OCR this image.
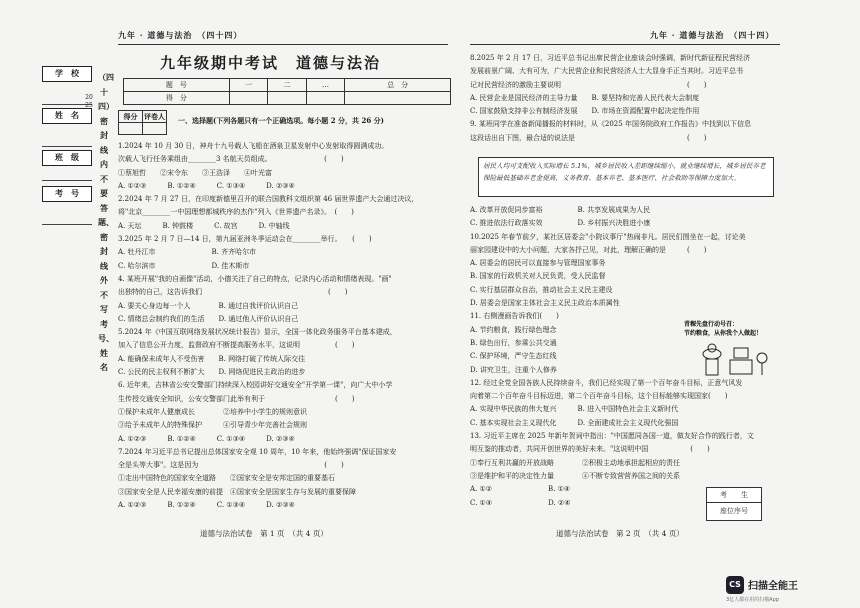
九年 · 道德与法治　（四十四）	九年 · 道德与法治　（四十四）
学　校
姓　名
班　级
考　号
2025
（四十四）密封线内不要答题、密封线外不写考号、姓名
九年级期中考试　道德与法治
题　号	一	二	…	总　分
得　分				
得分	评卷人
	一、选择题(下列各题只有一个正确选项。每小题 2 分，共 26 分)

1.2024 年 10 月 30 日，神舟十九号载人飞船在酒泉卫星发射中心发射取得圆满成功。

次载人飞行任务乘组由________3 名航天员组成。　　　　　　　　(　　)

①蔡旭哲　　②宋令东　　③王浩泽　　④叶光富

A. ①②③　　　B. ①②④　　　C. ①③④　　　D. ②③④

2.2024 年 7 月 27 日，在印度新德里召开的联合国教科文组织第 46 届世界遗产大会通过决议，

将"北京________一中国理想都城秩序的杰作"列入《世界遗产名录》。　(　　)

A. 天坛　　　B. 钟鼓楼　　　C. 故宫　　　D. 中轴线

3.2025 年 2 月 7 日—14 日，第九届亚洲冬季运动会在________举行。　　(　　)

A. 牡丹江市　　　　　　　　B. 齐齐哈尔市

C. 哈尔滨市　　　　　　　　D. 佳木斯市

4. 某班开展"我的自画像"活动，小德关注了自己的特点，记录内心活动和情绪表现。"画"

出独特的自己，这告诉我们　　　　　　　　　　　　　　　　　　(　　)

A. 要关心身边每一个人　　　　B. 通过自我评价认识自己

C. 情绪总会制约我们的生活　　D. 通过他人评价认识自己

5.2024 年《中国互联网络发展状况统计报告》显示，全国一体化政务服务平台基本建成，

加入了信息公开力度，监督政府不断提高服务水平，这说明　　　　　(　　)

A. 能确保未成年人不受伤害　　B. 网络打破了传统人际交往

C. 公民的民主权利不断扩大　　D. 网络促进民主政治的进步

6. 近年来，吉林省公安交警部门持续深入校园讲好交通安全"开学第一课"，向广大中小学

生传授交通安全知识，公安交警部门此举有利于　　　　　　　　　　(　　)

①保护未成年人健康成长　　　　②培养中小学生的规则意识

③给予未成年人的特殊保护　　　④引导青少年完善社会规则

A. ①②③　　　B. ①②④　　　C. ①③④　　　D. ②③④

7.2024 年习近平总书记提出总体国家安全观 10 周年，10 年来，他始终强调"保证国家安

全是头等大事"。这是因为　　　　　　　　　　　　　　　　　　(　　)

①走出中国特色的国家安全道路　　②国家安全是安邦定国的重要基石

③国家安全是人民幸福安康的前提　④国家安全是国家生存与发展的重要保障

A. ①②③　　　B. ①②④　　　C. ①③④　　　D. ②③④

8.2025 年 2 月 17 日，习近平总书记出席民营企业座谈会时强调，新时代新征程民营经济

发展前景广阔、大有可为，广大民营企业和民营经济人士大显身手正当其时。习近平总书

记对民营经济的激励主要说明　　　　　　　　　　　　　　　　　　(　　)

A. 民营企业是国民经济的主导力量　　B. 要坚持和完善人民代表大会制度

C. 国家鼓励支持非公有制经济发展　　D. 市场在资源配置中起决定性作用

9. 某班同学在准备新闻播报的材料时，从《2025 年国务院政府工作报告》中找到以下信息

这段话出自下图，最合适的说法是　　　　　　　　　　　　　　　　(　　)

居民人均可支配收入实际增长 5.1%，城乡居民收入差距继续缩小，就业继续增长，城乡居民养老保险最低基础养老金提高，义务教育、基本养老、基本医疗、社会救助等保障力度加大。

A. 改革开放促同步富裕　　　　　B. 共享发展成果为人民

C. 推进依法行政落实效　　　　　D. 乡村振兴决胜进小康

10.2025 年春节前夕，某社区居委会"小院议事厅"热闹非凡。居民们围坐在一起，讨论美

丽家园建设中的大小问题，大家各抒己见，对此，理解正确的是　　　(　　)

A. 居委会的居民可以直接参与管理国家事务

B. 国家的行政机关对人民负责，受人民监督

C. 实行基层群众自治，推动社会主义民主建设

D. 居委会是国家主体社会主义民主政治本质属性

11. 右侧漫画告诉我们(　　)

A. 节约粮食，践行绿色理念

B. 绿色出行，参乘公共交通

C. 保护环境，严守生态红线

D. 讲究卫生，注重个人修养

12. 经过全党全国各族人民持续奋斗，我们已经实现了第一个百年奋斗目标，正意气风发

向着第二个百年奋斗目标迈进，第二个百年奋斗目标，这个目标能够实现国家(　　)

A. 实现中华民族的伟大复兴　　　B. 进入中国特色社会主义新时代

C. 基本实现社会主义现代化　　　D. 全面建成社会主义现代化强国

13. 习近平主席在 2025 年新年贺词中指出："中国愿同各国一道，做友好合作的践行者，文

明互鉴的推动者，共同开创世界的美好未来。"这说明中国　　　　　　(　　)

①奉行互利共赢的开放战略　　　　②积极主动地承担起相应的责任

③是维护和平的决定性力量　　　　④不断专致营营养国之间的关系

A. ①②　　　　　　　　B. ①④

C. ①④　　　　　　　　D. ②④

青稞先盘行动号召：
节约粮食，从你我个人做起！
考　　生
座位序号
道德与法治试卷　第 1 页　（共 4 页）	道德与法治试卷　第 2 页　（共 4 页）
CS 扫描全能王
3亿人都在用的扫描App
